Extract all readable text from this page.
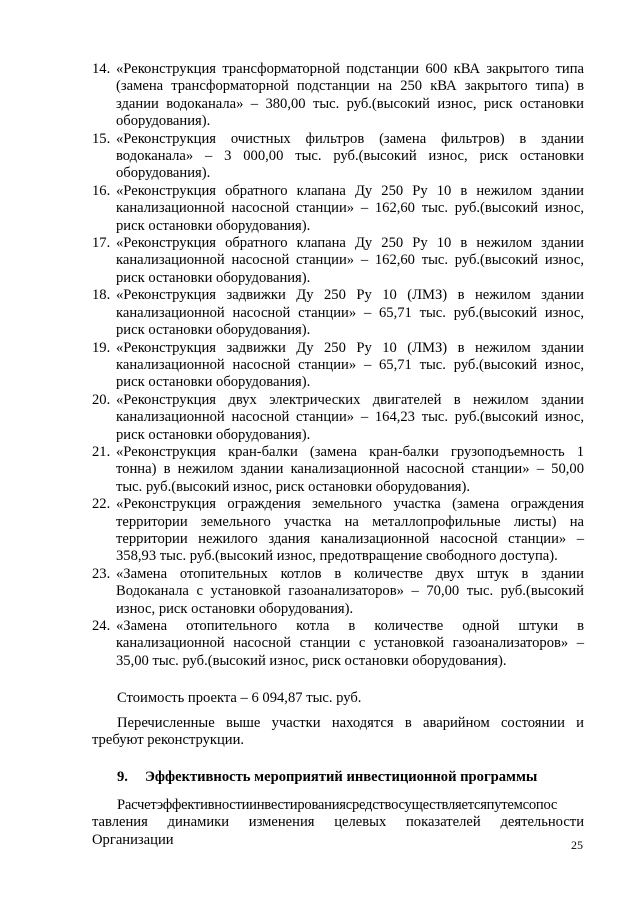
14. «Реконструкция трансформаторной подстанции 600 кВА закрытого типа (замена трансформаторной подстанции на 250 кВА закрытого типа) в здании водоканала» – 380,00 тыс. руб.(высокий износ, риск остановки оборудования).
15. «Реконструкция очистных фильтров (замена фильтров) в здании водоканала» – 3 000,00 тыс. руб.(высокий износ, риск остановки оборудования).
16. «Реконструкция обратного клапана Ду 250 Ру 10 в нежилом здании канализационной насосной станции» – 162,60 тыс. руб.(высокий износ, риск остановки оборудования).
17. «Реконструкция обратного клапана Ду 250 Ру 10 в нежилом здании канализационной насосной станции» – 162,60 тыс. руб.(высокий износ, риск остановки оборудования).
18. «Реконструкция задвижки Ду 250 Ру 10 (ЛМЗ) в нежилом здании канализационной насосной станции» – 65,71 тыс. руб.(высокий износ, риск остановки оборудования).
19. «Реконструкция задвижки Ду 250 Ру 10 (ЛМЗ) в нежилом здании канализационной насосной станции» – 65,71 тыс. руб.(высокий износ, риск остановки оборудования).
20. «Реконструкция двух электрических двигателей в нежилом здании канализационной насосной станции» – 164,23 тыс. руб.(высокий износ, риск остановки оборудования).
21. «Реконструкция кран-балки (замена кран-балки грузоподъемность 1 тонна) в нежилом здании канализационной насосной станции» – 50,00 тыс. руб.(высокий износ, риск остановки оборудования).
22. «Реконструкция ограждения земельного участка (замена ограждения территории земельного участка на металлопрофильные листы) на территории нежилого здания канализационной насосной станции» – 358,93 тыс. руб.(высокий износ, предотвращение свободного доступа).
23. «Замена отопительных котлов в количестве двух штук в здании Водоканала с установкой газоанализаторов» – 70,00 тыс. руб.(высокий износ, риск остановки оборудования).
24. «Замена отопительного котла в количестве одной штуки в канализационной насосной станции с установкой газоанализаторов» – 35,00 тыс. руб.(высокий износ, риск остановки оборудования).

Стоимость проекта – 6 094,87 тыс. руб.

Перечисленные выше участки находятся в аварийном состоянии и требуют реконструкции.

9. Эффективность мероприятий инвестиционной программы

Расчетэффективностиинвестированиясредствосуществляетсяпутемсопос
тавления динамики изменения целевых показателей деятельности Организации	25
